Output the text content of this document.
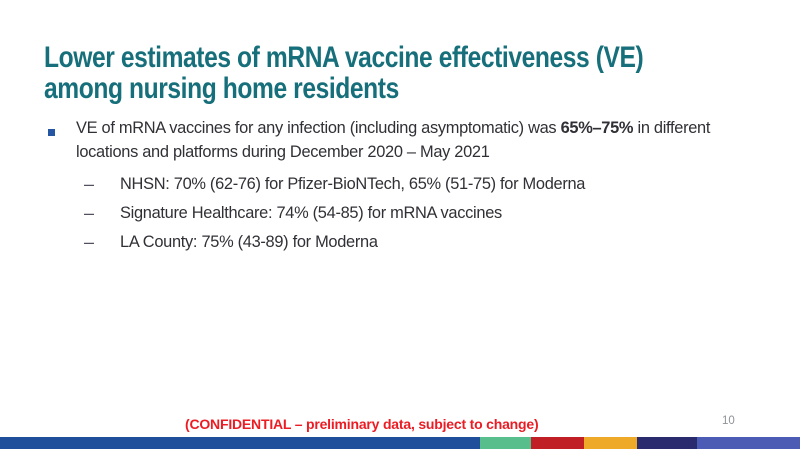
Lower estimates of mRNA vaccine effectiveness (VE)
among nursing home residents

VE of mRNA vaccines for any infection (including asymptomatic) was 65%–75% in different locations and platforms during December 2020 – May 2021

–	NHSN: 70% (62-76) for Pfizer-BioNTech, 65% (51-75) for Moderna
–	Signature Healthcare: 74% (54-85) for mRNA vaccines
–	LA County: 75% (43-89) for Moderna
(CONFIDENTIAL – preliminary data, subject to change)	10
